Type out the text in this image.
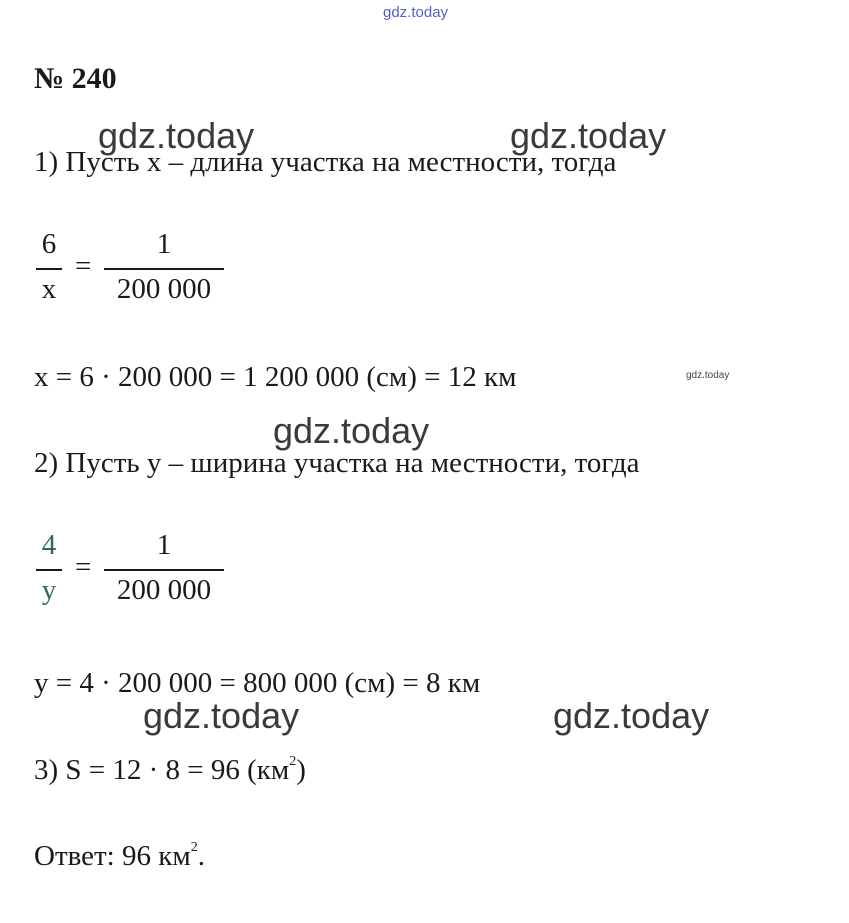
gdz.today
gdz.today	gdz.today
gdz.today
gdz.today
gdz.today	gdz.today
№ 240
1) Пусть x – длина участка на местности, тогда
6
x
=
1
200 000
x = 6 · 200 000 = 1 200 000 (см) = 12 км
2) Пусть y – ширина участка на местности, тогда
4
y
=
1
200 000
y = 4 · 200 000 = 800 000 (см) = 8 км
3) S = 12 · 8 = 96 $(км^2)$
Ответ: 96 $км^2$.
